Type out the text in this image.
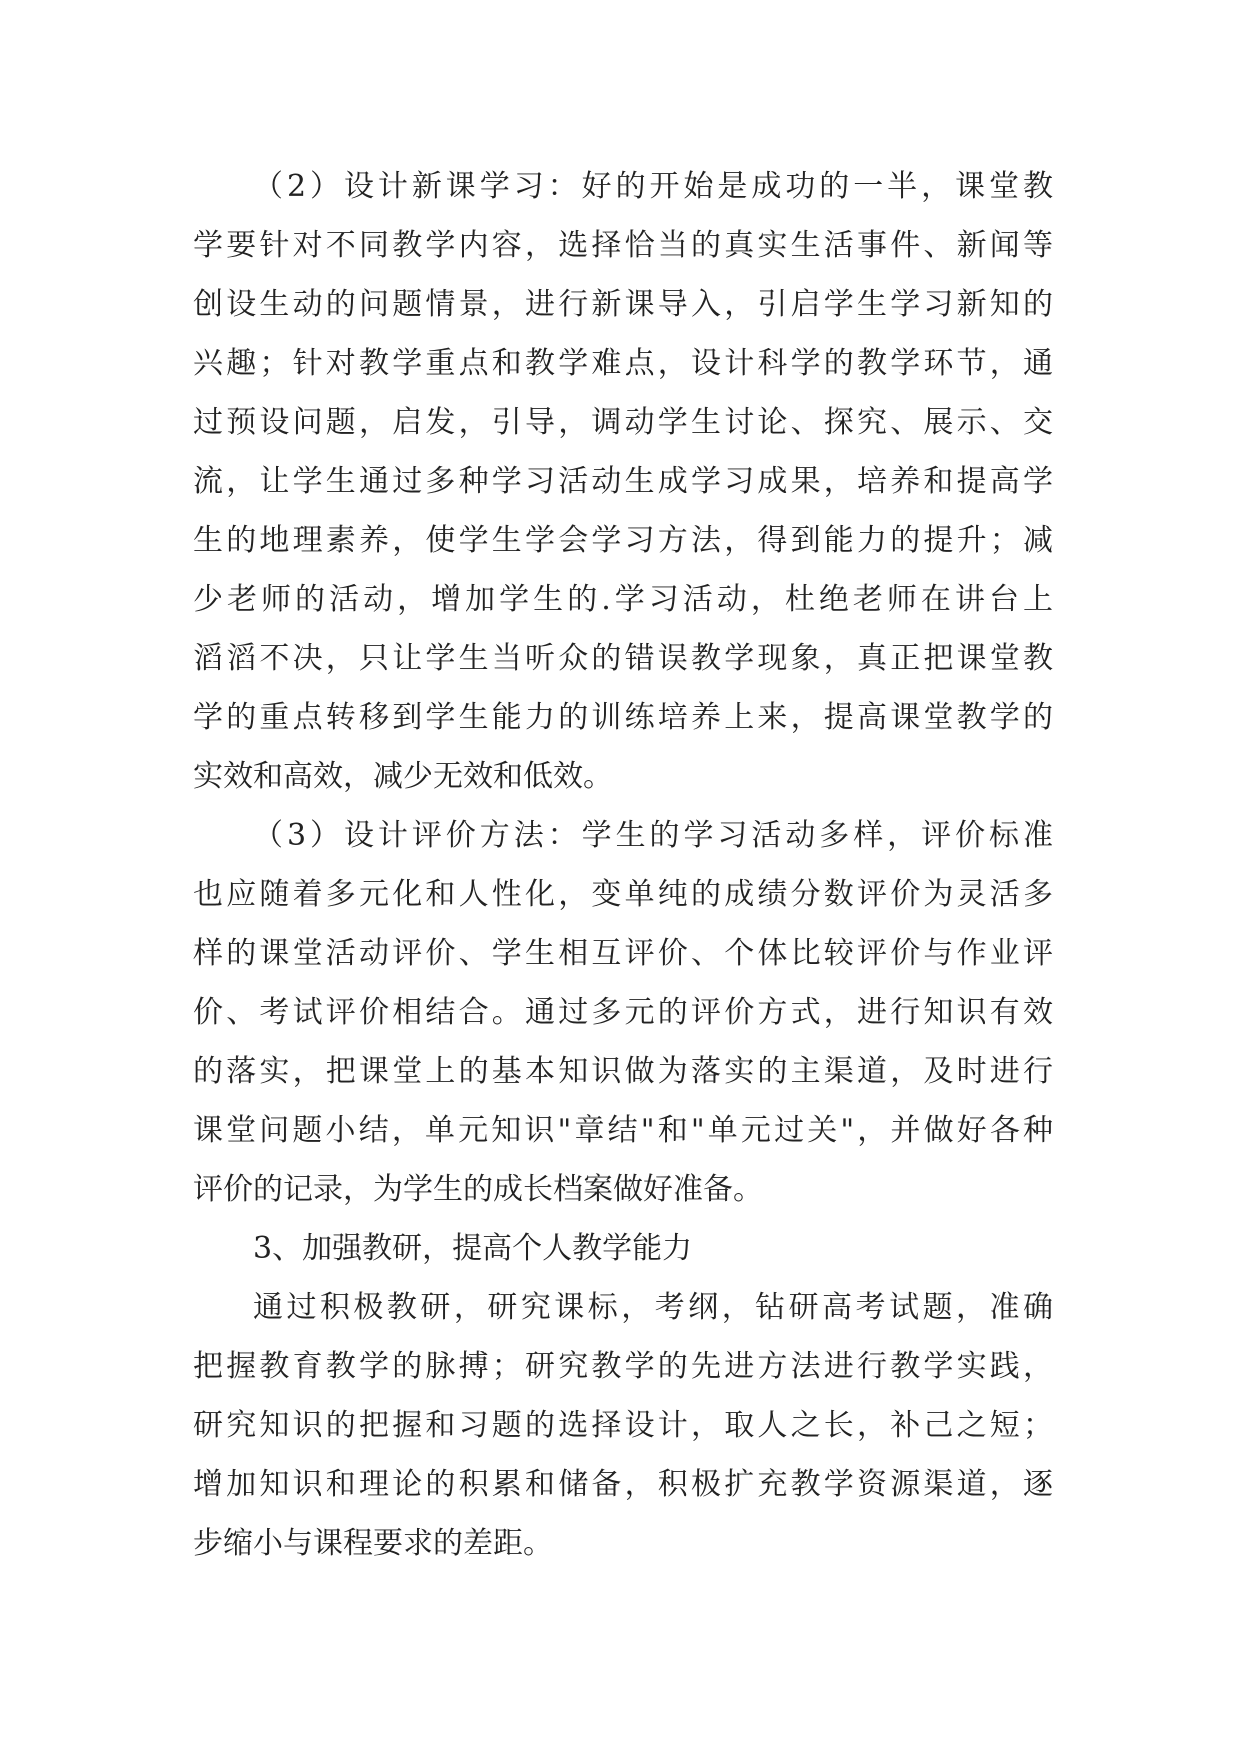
（2）设计新课学习：好的开始是成功的一半，课堂教
学要针对不同教学内容，选择恰当的真实生活事件、新闻等
创设生动的问题情景，进行新课导入，引启学生学习新知的
兴趣；针对教学重点和教学难点，设计科学的教学环节，通
过预设问题，启发，引导，调动学生讨论、探究、展示、交
流，让学生通过多种学习活动生成学习成果，培养和提高学
生的地理素养，使学生学会学习方法，得到能力的提升；减
少老师的活动，增加学生的.学习活动，杜绝老师在讲台上
滔滔不决，只让学生当听众的错误教学现象，真正把课堂教
学的重点转移到学生能力的训练培养上来，提高课堂教学的
实效和高效，减少无效和低效。
（3）设计评价方法：学生的学习活动多样，评价标准
也应随着多元化和人性化，变单纯的成绩分数评价为灵活多
样的课堂活动评价、学生相互评价、个体比较评价与作业评
价、考试评价相结合。通过多元的评价方式，进行知识有效
的落实，把课堂上的基本知识做为落实的主渠道，及时进行
课堂问题小结，单元知识"章结"和"单元过关"，并做好各种
评价的记录，为学生的成长档案做好准备。
3、加强教研，提高个人教学能力
通过积极教研，研究课标，考纲，钻研高考试题，准确
把握教育教学的脉搏；研究教学的先进方法进行教学实践，
研究知识的把握和习题的选择设计，取人之长，补己之短；
增加知识和理论的积累和储备，积极扩充教学资源渠道，逐
步缩小与课程要求的差距。
